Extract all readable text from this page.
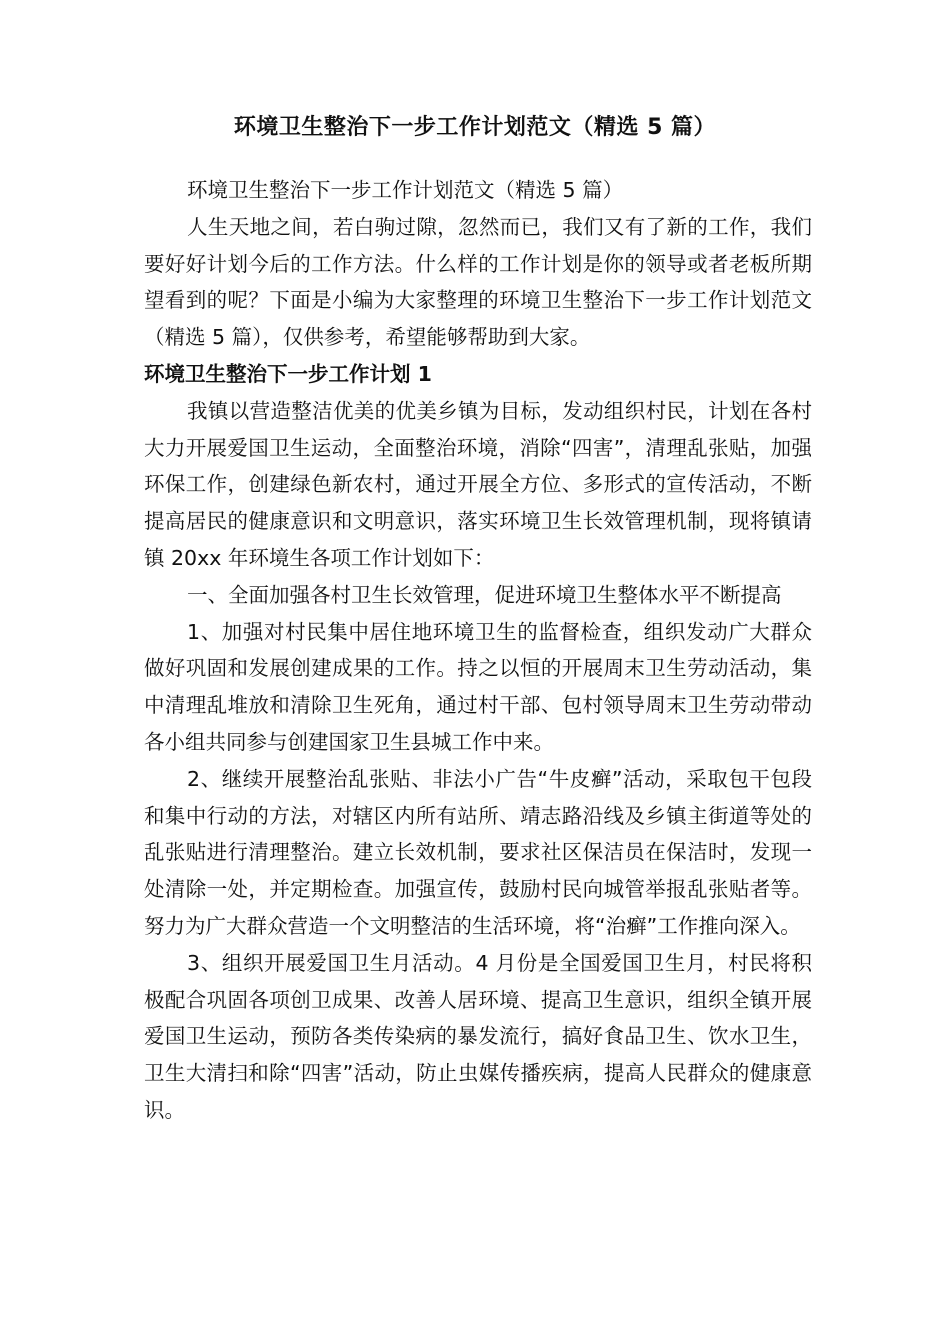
环境卫生整治下一步工作计划范文（精选 5 篇）

环境卫生整治下一步工作计划范文（精选 5 篇）

人生天地之间，若白驹过隙，忽然而已，我们又有了新的工作，我们要好好计划今后的工作方法。什么样的工作计划是你的领导或者老板所期望看到的呢？下面是小编为大家整理的环境卫生整治下一步工作计划范文（精选 5 篇），仅供参考，希望能够帮助到大家。

环境卫生整治下一步工作计划 1

我镇以营造整洁优美的优美乡镇为目标，发动组织村民，计划在各村大力开展爱国卫生运动，全面整治环境，消除“四害”，清理乱张贴，加强环保工作，创建绿色新农村，通过开展全方位、多形式的宣传活动，不断提高居民的健康意识和文明意识，落实环境卫生长效管理机制，现将镇请镇 20xx 年环境生各项工作计划如下：

一、全面加强各村卫生长效管理，促进环境卫生整体水平不断提高

1、加强对村民集中居住地环境卫生的监督检查，组织发动广大群众做好巩固和发展创建成果的工作。持之以恒的开展周末卫生劳动活动，集中清理乱堆放和清除卫生死角，通过村干部、包村领导周末卫生劳动带动各小组共同参与创建国家卫生县城工作中来。

2、继续开展整治乱张贴、非法小广告“牛皮癣”活动，采取包干包段和集中行动的方法，对辖区内所有站所、靖志路沿线及乡镇主街道等处的乱张贴进行清理整治。建立长效机制，要求社区保洁员在保洁时，发现一处清除一处，并定期检查。加强宣传，鼓励村民向城管举报乱张贴者等。努力为广大群众营造一个文明整洁的生活环境，将“治癣”工作推向深入。

3、组织开展爱国卫生月活动。4 月份是全国爱国卫生月，村民将积极配合巩固各项创卫成果、改善人居环境、提高卫生意识，组织全镇开展爱国卫生运动，预防各类传染病的暴发流行，搞好食品卫生、饮水卫生，卫生大清扫和除“四害”活动，防止虫媒传播疾病，提高人民群众的健康意识。
